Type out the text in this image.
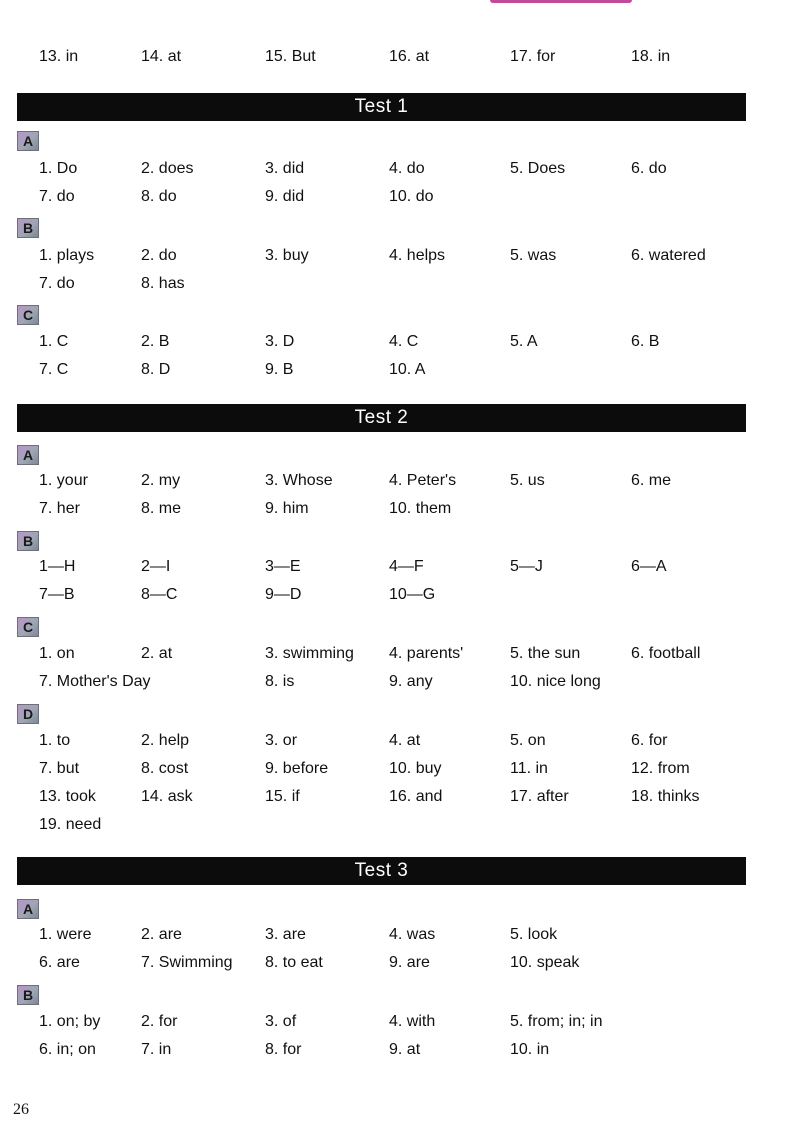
13. in	14. at	15. But	16. at	17. for	18. in
Test 1
A
1. Do	2. does	3. did	4. do	5. Does	6. do
7. do	8. do	9. did	10. do
B
1. plays	2. do	3. buy	4. helps	5. was	6. watered
7. do	8. has
C
1. C	2. B	3. D	4. C	5. A	6. B
7. C	8. D	9. B	10. A
Test 2
A
1. your	2. my	3. Whose	4. Peter's	5. us	6. me
7. her	8. me	9. him	10. them
B
1—H	2—I	3—E	4—F	5—J	6—A
7—B	8—C	9—D	10—G
C
1. on	2. at	3. swimming 4. parents'	5. the sun	6. football
7. Mother's Day	8. is	9. any	10. nice long
D
1. to	2. help	3. or	4. at	5. on	6. for
7. but	8. cost	9. before	10. buy	11. in	12. from
13. took	14. ask	15. if	16. and	17. after	18. thinks
19. need
Test 3
A
1. were	2. are	3. are	4. was	5. look
6. are	7. Swimming 8. to eat	9. are	10. speak
B
1. on; by	2. for	3. of	4. with	5. from; in; in
6. in; on	7. in	8. for	9. at	10. in
26
